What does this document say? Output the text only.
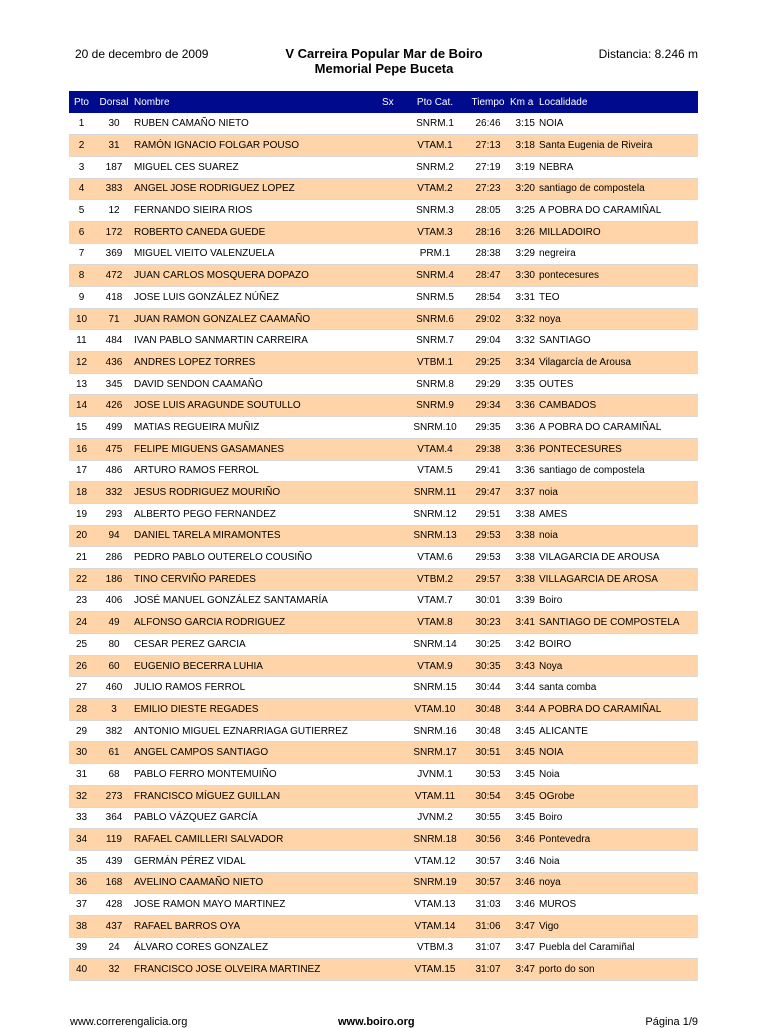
20 de decembro de 2009	V Carreira Popular Mar de Boiro
Memorial Pepe Buceta
Distancia: 8.246 m
Pto	Dorsal	Nombre	Sx	Pto Cat.	Tiempo	Km a	Localidade
1	30	RUBEN CAMAÑO NIETO		SNRM.1	26:46	3:15	NOIA
2	31	RAMÓN IGNACIO FOLGAR POUSO		VTAM.1	27:13	3:18	Santa Eugenia de Riveira
3	187	MIGUEL CES SUAREZ		SNRM.2	27:19	3:19	NEBRA
4	383	ANGEL JOSE RODRIGUEZ LOPEZ		VTAM.2	27:23	3:20	santiago de compostela
5	12	FERNANDO SIEIRA RIOS		SNRM.3	28:05	3:25	A POBRA DO CARAMIÑAL
6	172	ROBERTO CANEDA GUEDE		VTAM.3	28:16	3:26	MILLADOIRO
7	369	MIGUEL VIEITO VALENZUELA		PRM.1	28:38	3:29	negreira
8	472	JUAN CARLOS MOSQUERA DOPAZO		SNRM.4	28:47	3:30	pontecesures
9	418	JOSE LUIS GONZÁLEZ NÚÑEZ		SNRM.5	28:54	3:31	TEO
10	71	JUAN RAMON GONZALEZ CAAMAÑO		SNRM.6	29:02	3:32	noya
11	484	IVAN PABLO SANMARTIN CARREIRA		SNRM.7	29:04	3:32	SANTIAGO
12	436	ANDRES LOPEZ TORRES		VTBM.1	29:25	3:34	Vilagarcía de Arousa
13	345	DAVID SENDON CAAMAÑO		SNRM.8	29:29	3:35	OUTES
14	426	JOSE LUIS ARAGUNDE SOUTULLO		SNRM.9	29:34	3:36	CAMBADOS
15	499	MATIAS REGUEIRA MUÑIZ		SNRM.10	29:35	3:36	A POBRA DO CARAMIÑAL
16	475	FELIPE MIGUENS GASAMANES		VTAM.4	29:38	3:36	PONTECESURES
17	486	ARTURO RAMOS FERROL		VTAM.5	29:41	3:36	santiago de compostela
18	332	JESUS RODRIGUEZ MOURIÑO		SNRM.11	29:47	3:37	noia
19	293	ALBERTO PEGO FERNANDEZ		SNRM.12	29:51	3:38	AMES
20	94	DANIEL TARELA MIRAMONTES		SNRM.13	29:53	3:38	noia
21	286	PEDRO PABLO OUTERELO COUSIÑO		VTAM.6	29:53	3:38	VILAGARCIA DE AROUSA
22	186	TINO CERVIÑO PAREDES		VTBM.2	29:57	3:38	VILLAGARCIA DE AROSA
23	406	JOSÉ MANUEL GONZÁLEZ SANTAMARÍA		VTAM.7	30:01	3:39	Boiro
24	49	ALFONSO GARCIA RODRIGUEZ		VTAM.8	30:23	3:41	SANTIAGO DE COMPOSTELA
25	80	CESAR PEREZ GARCIA		SNRM.14	30:25	3:42	BOIRO
26	60	EUGENIO BECERRA LUHIA		VTAM.9	30:35	3:43	Noya
27	460	JULIO RAMOS FERROL		SNRM.15	30:44	3:44	santa comba
28	3	EMILIO DIESTE REGADES		VTAM.10	30:48	3:44	A POBRA DO CARAMIÑAL
29	382	ANTONIO MIGUEL EZNARRIAGA GUTIERREZ		SNRM.16	30:48	3:45	ALICANTE
30	61	ANGEL CAMPOS SANTIAGO		SNRM.17	30:51	3:45	NOIA
31	68	PABLO FERRO MONTEMUIÑO		JVNM.1	30:53	3:45	Noia
32	273	FRANCISCO MÍGUEZ GUILLAN		VTAM.11	30:54	3:45	OGrobe
33	364	PABLO VÁZQUEZ GARCÍA		JVNM.2	30:55	3:45	Boiro
34	119	RAFAEL CAMILLERI SALVADOR		SNRM.18	30:56	3:46	Pontevedra
35	439	GERMÁN PÉREZ VIDAL		VTAM.12	30:57	3:46	Noia
36	168	AVELINO CAAMAÑO NIETO		SNRM.19	30:57	3:46	noya
37	428	JOSE RAMON MAYO MARTINEZ		VTAM.13	31:03	3:46	MUROS
38	437	RAFAEL BARROS OYA		VTAM.14	31:06	3:47	Vigo
39	24	ÁLVARO CORES GONZALEZ		VTBM.3	31:07	3:47	Puebla del Caramiñal
40	32	FRANCISCO JOSE OLVEIRA MARTINEZ		VTAM.15	31:07	3:47	porto do son
www.correrengalicia.org	www.boiro.org	Página 1/9
